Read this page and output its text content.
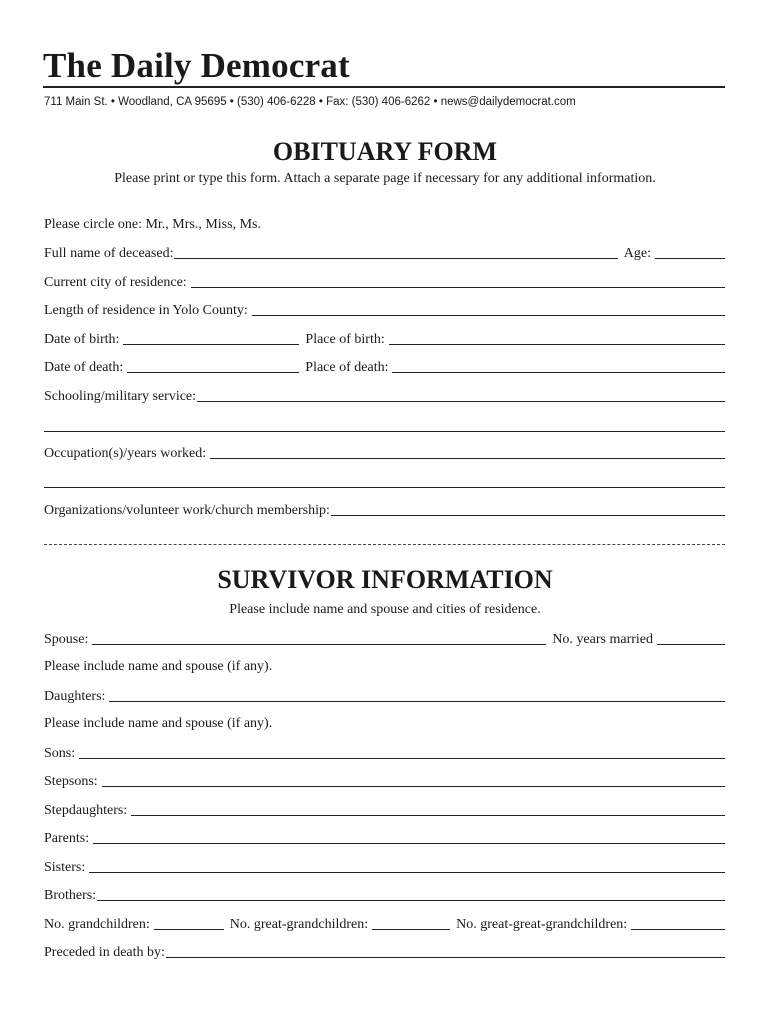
The Daily Democrat
711 Main St. • Woodland, CA 95695 • (530) 406-6228 • Fax: (530) 406-6262 • news@dailydemocrat.com
OBITUARY FORM
Please print or type this form. Attach a separate page if necessary for any additional information.
Please circle one: Mr., Mrs., Miss, Ms.
Full name of deceased:	Age:
Current city of residence:
Length of residence in Yolo County:
Date of birth:	Place of birth:
Date of death:	Place of death:
Schooling/military service:
Occupation(s)/years worked:
Organizations/volunteer work/church membership:
SURVIVOR INFORMATION
Please include name and spouse and cities of residence.
Spouse:	No. years married
Please include name and spouse (if any).
Daughters:
Please include name and spouse (if any).
Sons:
Stepsons:
Stepdaughters:
Parents:
Sisters:
Brothers:
No. grandchildren:	No. great-grandchildren:	No. great-great-grandchildren:
Preceded in death by:
